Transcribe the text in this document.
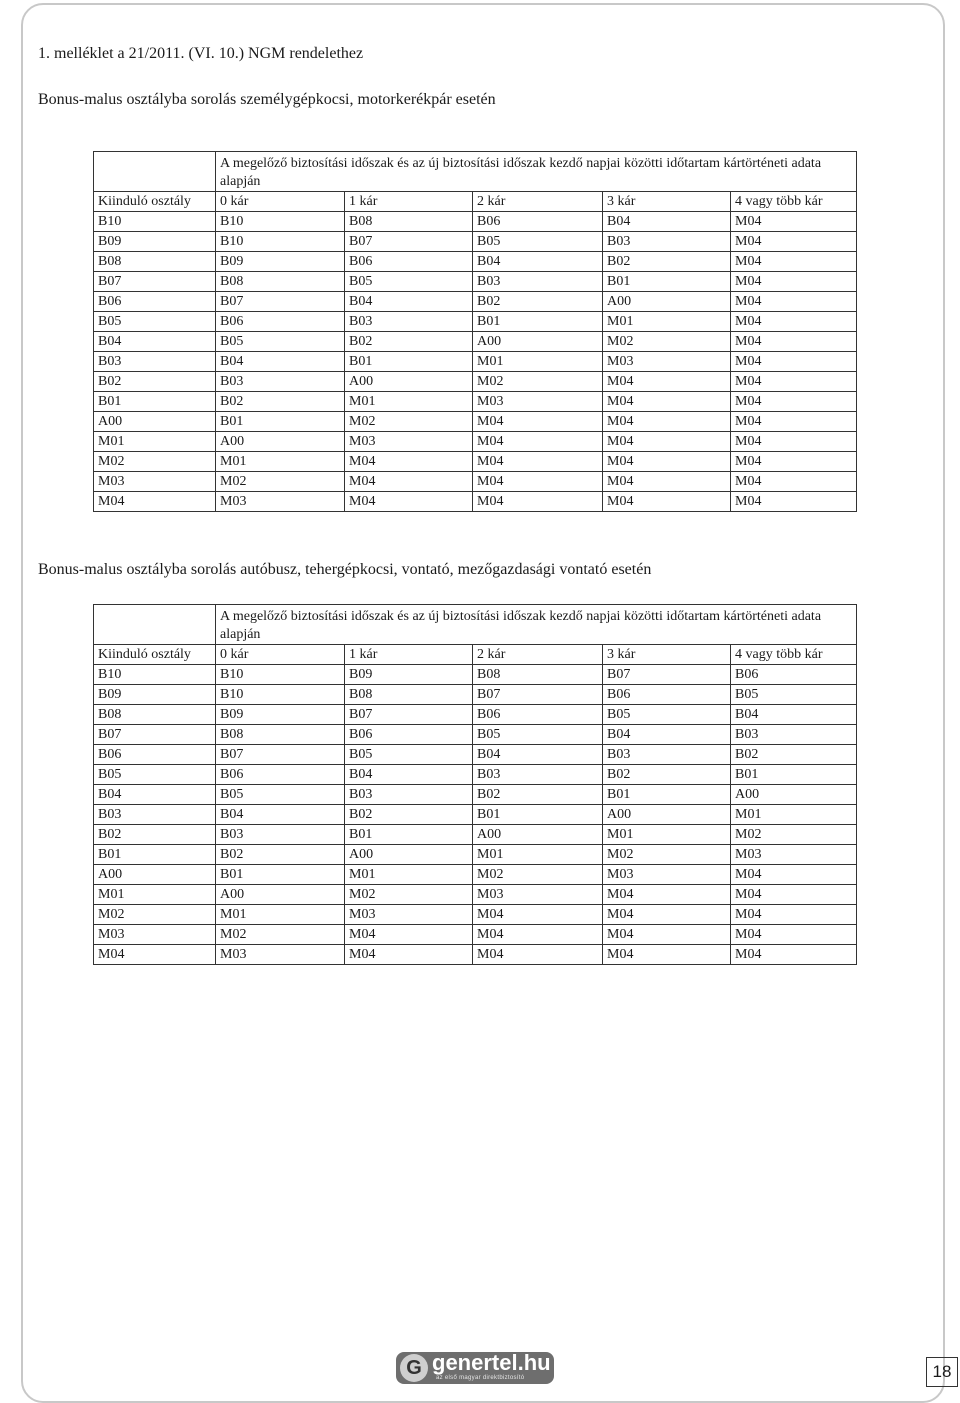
1. melléklet a 21/2011. (VI. 10.) NGM rendelethez
Bonus-malus osztályba sorolás személygépkocsi, motorkerékpár esetén
	A megelőző biztosítási időszak és az új biztosítási időszak kezdő napjai közötti időtartam kártörténeti adata alapján				
Kiinduló osztály	0 kár	1 kár	2 kár	3 kár	4 vagy több kár
B10	B10	B08	B06	B04	M04
B09	B10	B07	B05	B03	M04
B08	B09	B06	B04	B02	M04
B07	B08	B05	B03	B01	M04
B06	B07	B04	B02	A00	M04
B05	B06	B03	B01	M01	M04
B04	B05	B02	A00	M02	M04
B03	B04	B01	M01	M03	M04
B02	B03	A00	M02	M04	M04
B01	B02	M01	M03	M04	M04
A00	B01	M02	M04	M04	M04
M01	A00	M03	M04	M04	M04
M02	M01	M04	M04	M04	M04
M03	M02	M04	M04	M04	M04
M04	M03	M04	M04	M04	M04
Bonus-malus osztályba sorolás autóbusz, tehergépkocsi, vontató, mezőgazdasági vontató esetén
	A megelőző biztosítási időszak és az új biztosítási időszak kezdő napjai közötti időtartam kártörténeti adata alapján				
Kiinduló osztály	0 kár	1 kár	2 kár	3 kár	4 vagy több kár
B10	B10	B09	B08	B07	B06
B09	B10	B08	B07	B06	B05
B08	B09	B07	B06	B05	B04
B07	B08	B06	B05	B04	B03
B06	B07	B05	B04	B03	B02
B05	B06	B04	B03	B02	B01
B04	B05	B03	B02	B01	A00
B03	B04	B02	B01	A00	M01
B02	B03	B01	A00	M01	M02
B01	B02	A00	M01	M02	M03
A00	B01	M01	M02	M03	M04
M01	A00	M02	M03	M04	M04
M02	M01	M03	M04	M04	M04
M03	M02	M04	M04	M04	M04
M04	M03	M04	M04	M04	M04
G genertel.hu
az első magyar direktbiztosító	18
